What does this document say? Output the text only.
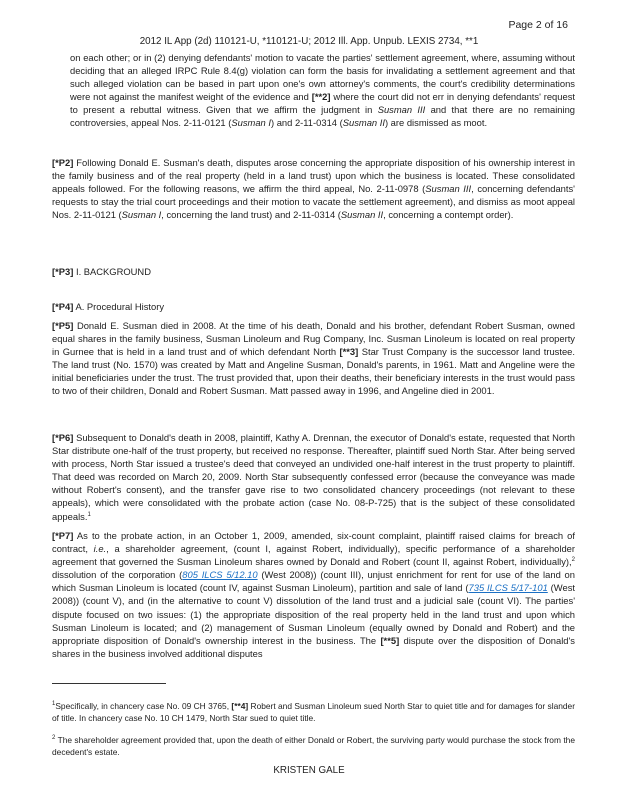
Page 2 of 16
2012 IL App (2d) 110121-U, *110121-U; 2012 Ill. App. Unpub. LEXIS 2734, **1

on each other; or in (2) denying defendants' motion to vacate the parties' settlement agreement, where, assuming without deciding that an alleged IRPC Rule 8.4(g) violation can form the basis for invalidating a settlement agreement and that such alleged violation can be based in part upon one's own attorney's comments, the court's credibility determinations were not against the manifest weight of the evidence and [**2] where the court did not err in denying defendants' request to present a rebuttal witness. Given that we affirm the judgment in Susman III and that there are no remaining controversies, appeal Nos. 2-11-0121 (Susman I) and 2-11-0314 (Susman II) are dismissed as moot.

[*P2] Following Donald E. Susman's death, disputes arose concerning the appropriate disposition of his ownership interest in the family business and of the real property (held in a land trust) upon which the business is located. These consolidated appeals followed. For the following reasons, we affirm the third appeal, No. 2-11-0978 (Susman III, concerning defendants' requests to stay the trial court proceedings and their motion to vacate the settlement agreement), and dismiss as moot appeal Nos. 2-11-0121 (Susman I, concerning the land trust) and 2-11-0314 (Susman II, concerning a contempt order).

[*P3] I. BACKGROUND

[*P4] A. Procedural History

[*P5] Donald E. Susman died in 2008. At the time of his death, Donald and his brother, defendant Robert Susman, owned equal shares in the family business, Susman Linoleum and Rug Company, Inc. Susman Linoleum is located on real property in Gurnee that is held in a land trust and of which defendant North [**3] Star Trust Company is the successor land trustee. The land trust (No. 1570) was created by Matt and Angeline Susman, Donald's parents, in 1961. Matt and Angeline were the initial beneficiaries under the trust. The trust provided that, upon their deaths, their beneficiary interests in the trust would pass to two of their children, Donald and Robert Susman. Matt passed away in 1996, and Angeline died in 2001.

[*P6] Subsequent to Donald's death in 2008, plaintiff, Kathy A. Drennan, the executor of Donald's estate, requested that North Star distribute one-half of the trust property, but received no response. Thereafter, plaintiff sued North Star. After being served with process, North Star issued a trustee's deed that conveyed an undivided one-half interest in the trust property to plaintiff. That deed was recorded on March 20, 2009. North Star subsequently confessed error (because the conveyance was made without Robert's consent), and the transfer gave rise to two consolidated chancery proceedings (not relevant to these appeals), which were consolidated with the probate action (case No. 08-P-725) that is the subject of these consolidated appeals.$^1$

[*P7] As to the probate action, in an October 1, 2009, amended, six-count complaint, plaintiff raised claims for breach of contract, i.e., a shareholder agreement, (count I, against Robert, individually), specific performance of a shareholder agreement that governed the Susman Linoleum shares owned by Donald and Robert (count II, against Robert, individually),$^2$ dissolution of the corporation (805 ILCS 5/12.10 (West 2008)) (count III), unjust enrichment for rent for use of the land on which Susman Linoleum is located (count IV, against Susman Linoleum), partition and sale of land (735 ILCS 5/17-101 (West 2008)) (count V), and (in the alternative to count V) dissolution of the land trust and a judicial sale (count VI). The parties' dispute focused on two issues: (1) the appropriate disposition of the real property held in the land trust and upon which Susman Linoleum is located; and (2) management of Susman Linoleum (equally owned by Donald and Robert) and the appropriate disposition of Donald's ownership interest in the business. The [**5] dispute over the disposition of Donald's shares in the business involved additional disputes

$^1$Specifically, in chancery case No. 09 CH 3765, [**4] Robert and Susman Linoleum sued North Star to quiet title and for damages for slander of title. In chancery case No. 10 CH 1479, North Star sued to quiet title.

$^2$ The shareholder agreement provided that, upon the death of either Donald or Robert, the surviving party would purchase the stock from the decedent's estate.

KRISTEN GALE
